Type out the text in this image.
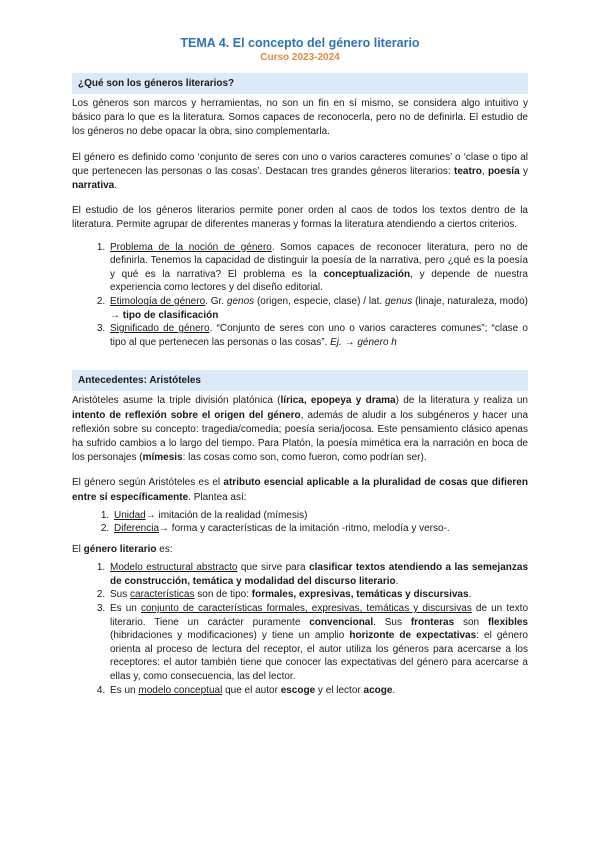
TEMA 4. El concepto del género literario
Curso 2023-2024
¿Qué son los géneros literarios?

Los géneros son marcos y herramientas, no son un fin en sí mismo, se considera algo intuitivo y básico para lo que es la literatura. Somos capaces de reconocerla, pero no de definirla. El estudio de los géneros no debe opacar la obra, sino complementarla.

El género es definido como ‘conjunto de seres con uno o varios caracteres comunes’ o ‘clase o tipo al que pertenecen las personas o las cosas’. Destacan tres grandes géneros literarios: teatro, poesía y narrativa.

El estudio de los géneros literarios permite poner orden al caos de todos los textos dentro de la literatura. Permite agrupar de diferentes maneras y formas la literatura atendiendo a ciertos criterios.

1. Problema de la noción de género. Somos capaces de reconocer literatura, pero no de definirla. Tenemos la capacidad de distinguir la poesía de la narrativa, pero ¿qué es la poesía y qué es la narrativa? El problema es la conceptualización, y depende de nuestra experiencia como lectores y del diseño editorial.
2. Etimología de género. Gr. genos (origen, especie, clase) / lat. genus (linaje, naturaleza, modo) → tipo de clasificación
3. Significado de género. “Conjunto de seres con uno o varios caracteres comunes”; “clase o tipo al que pertenecen las personas o las cosas”. Ej. → género h
Antecedentes: Aristóteles

Aristóteles asume la triple división platónica (lírica, epopeya y drama) de la literatura y realiza un intento de reflexión sobre el origen del género, además de aludir a los subgéneros y hacer una reflexión sobre su concepto: tragedia/comedia; poesía seria/jocosa. Este pensamiento clásico apenas ha sufrido cambios a lo largo del tiempo. Para Platón, la poesía mimética era la narración en boca de los personajes (mímesis: las cosas como son, como fueron, como podrían ser).

El género según Aristóteles es el atributo esencial aplicable a la pluralidad de cosas que difieren entre sí específicamente. Plantea así:

1. Unidad→ imitación de la realidad (mímesis)
2. Diferencia→ forma y características de la imitación -ritmo, melodía y verso-.

El género literario es:

1. Modelo estructural abstracto que sirve para clasificar textos atendiendo a las semejanzas de construcción, temática y modalidad del discurso literario.
2. Sus características son de tipo: formales, expresivas, temáticas y discursivas.
3. Es un conjunto de características formales, expresivas, temáticas y discursivas de un texto literario. Tiene un carácter puramente convencional. Sus fronteras son flexibles (hibridaciones y modificaciones) y tiene un amplio horizonte de expectativas: el género orienta al proceso de lectura del receptor, el autor utiliza los géneros para acercarse a los receptores: el autor también tiene que conocer las expectativas del género para acercarse a ellas y, como consecuencia, las del lector.
4. Es un modelo conceptual que el autor escoge y el lector acoge.
